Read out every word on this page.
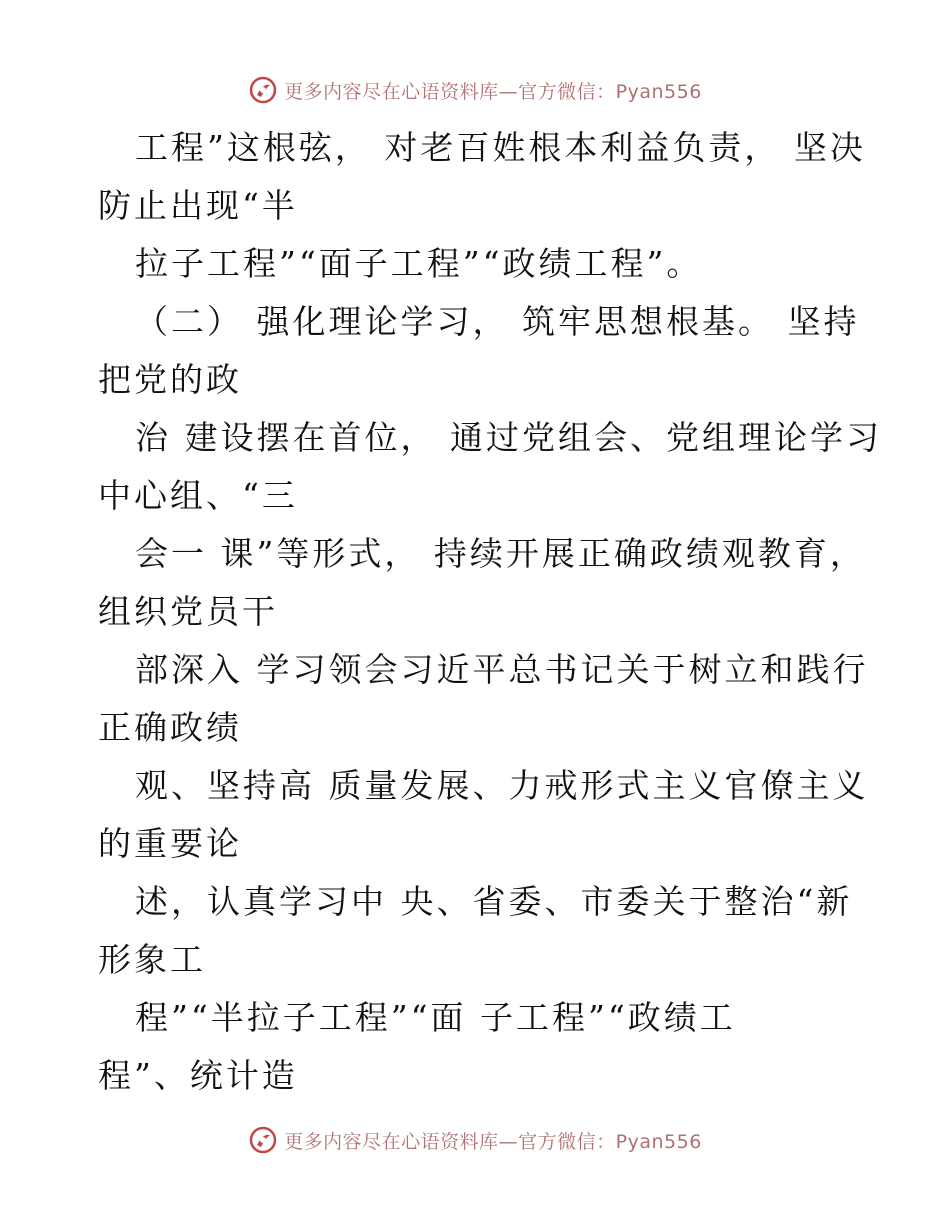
更多内容尽在心语资料库—官方微信：Pyan556
工程”这根弦， 对老百姓根本利益负责， 坚决
防止出现“半
拉子工程”“面子工程”“政绩工程”。
（二） 强化理论学习， 筑牢思想根基。 坚持
把党的政
治 建设摆在首位， 通过党组会、党组理论学习
中心组、“三
会一 课”等形式， 持续开展正确政绩观教育，
组织党员干
部深入 学习领会习近平总书记关于树立和践行
正确政绩
观、坚持高 质量发展、力戒形式主义官僚主义
的重要论
述，认真学习中 央、省委、市委关于整治“新
形象工
程”“半拉子工程”“面 子工程”“政绩工
程”、统计造
更多内容尽在心语资料库—官方微信：Pyan556
